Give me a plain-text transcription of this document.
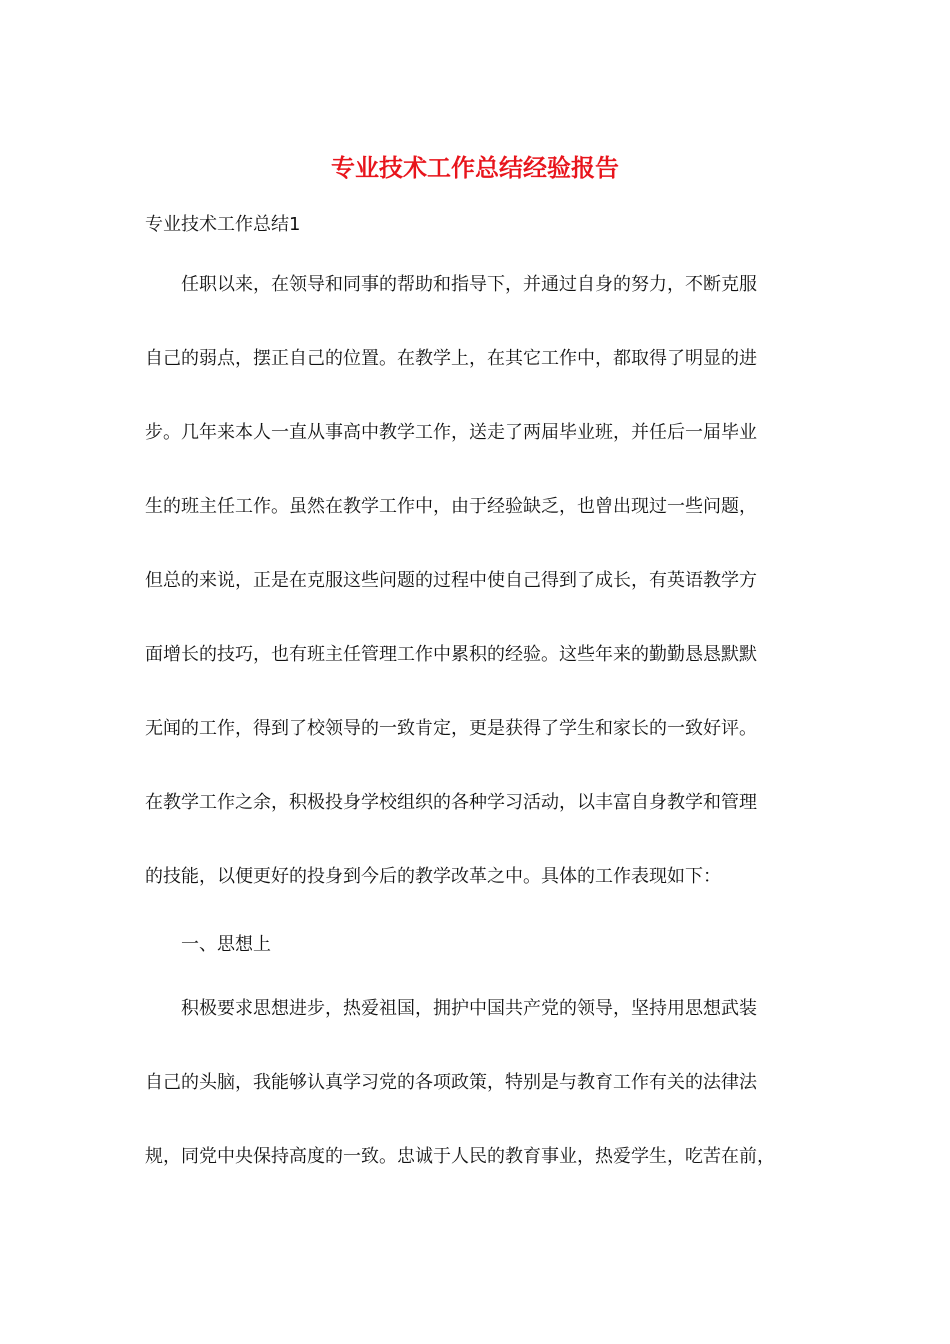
专业技术工作总结经验报告

专业技术工作总结1

任职以来，在领导和同事的帮助和指导下，并通过自身的努力，不断克服
自己的弱点，摆正自己的位置。在教学上，在其它工作中，都取得了明显的进
步。几年来本人一直从事高中教学工作，送走了两届毕业班，并任后一届毕业
生的班主任工作。虽然在教学工作中，由于经验缺乏，也曾出现过一些问题，
但总的来说，正是在克服这些问题的过程中使自己得到了成长，有英语教学方
面增长的技巧，也有班主任管理工作中累积的经验。这些年来的勤勤恳恳默默
无闻的工作，得到了校领导的一致肯定，更是获得了学生和家长的一致好评。
在教学工作之余，积极投身学校组织的各种学习活动，以丰富自身教学和管理
的技能，以便更好的投身到今后的教学改革之中。具体的工作表现如下：

一、思想上

积极要求思想进步，热爱祖国，拥护中国共产党的领导，坚持用思想武装
自己的头脑，我能够认真学习党的各项政策，特别是与教育工作有关的法律法
规，同党中央保持高度的一致。忠诚于人民的教育事业，热爱学生，吃苦在前，
